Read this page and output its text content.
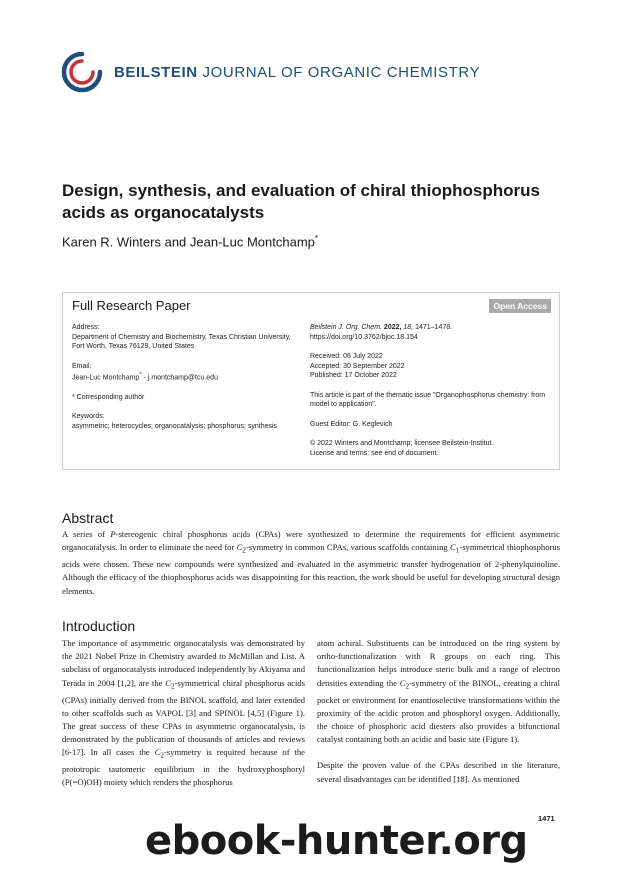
BEILSTEIN JOURNAL OF ORGANIC CHEMISTRY
Design, synthesis, and evaluation of chiral thiophosphorus acids as organocatalysts
Karen R. Winters and Jean-Luc Montchamp*
Full Research Paper	Open Access

Address:
Department of Chemistry and Biochemistry, Texas Christian University, Fort Worth, Texas 76129, United States

Email:
Jean-Luc Montchamp* - j.montchamp@tcu.edu

* Corresponding author

Keywords:
asymmetric; heterocycles; organocatalysis; phosphorus; synthesis

Beilstein J. Org. Chem. 2022, 18, 1471–1478.
https://doi.org/10.3762/bjoc.18.154

Received: 06 July 2022
Accepted: 30 September 2022
Published: 17 October 2022

This article is part of the thematic issue "Organophosphorus chemistry: from model to application".

Guest Editor: G. Keglevich

© 2022 Winters and Montchamp; licensee Beilstein-Institut.
License and terms: see end of document.

Abstract

A series of P-stereogenic chiral phosphorus acids (CPAs) were synthesized to determine the requirements for efficient asymmetric organocatalysis. In order to eliminate the need for $C_2$-symmetry in common CPAs, various scaffolds containing $C_1$-symmetrical thiophosphorus acids were chosen. These new compounds were synthesized and evaluated in the asymmetric transfer hydrogenation of 2-phenylquinoline. Although the efficacy of the thiophosphorus acids was disappointing for this reaction, the work should be useful for developing structural design elements.

Introduction

The importance of asymmetric organocatalysis was demonstrated by the 2021 Nobel Prize in Chemistry awarded to McMillan and List. A subclass of organocatalysts introduced independently by Akiyama and Terada in 2004 [1,2], are the $C_2$-symmetrical chiral phosphorus acids (CPAs) initially derived from the BINOL scaffold, and later extended to other scaffolds such as VAPOL [3] and SPINOL [4,5] (Figure 1). The great success of these CPAs in asymmetric organocatalysis, is demonstrated by the publication of thousands of articles and reviews [6-17]. In all cases the $C_2$-symmetry is required because of the prototropic tautomeric equilibrium in the hydroxyphosphoryl (P(=O)OH) moiety which renders the phosphorus

atom achiral. Substituents can be introduced on the ring system by ortho-functionalization with R groups on each ring. This functionalization helps introduce steric bulk and a range of electron densities extending the $C_2$-symmetry of the BINOL, creating a chiral pocket or environment for enantioselective transformations within the proximity of the acidic proton and phosphoryl oxygen. Additionally, the choice of phosphoric acid diesters also provides a bifunctional catalyst containing both an acidic and basic site (Figure 1).

Despite the proven value of the CPAs described in the literature, several disadvantages can be identified [18]. As mentioned

1471
ebook-hunter.org
